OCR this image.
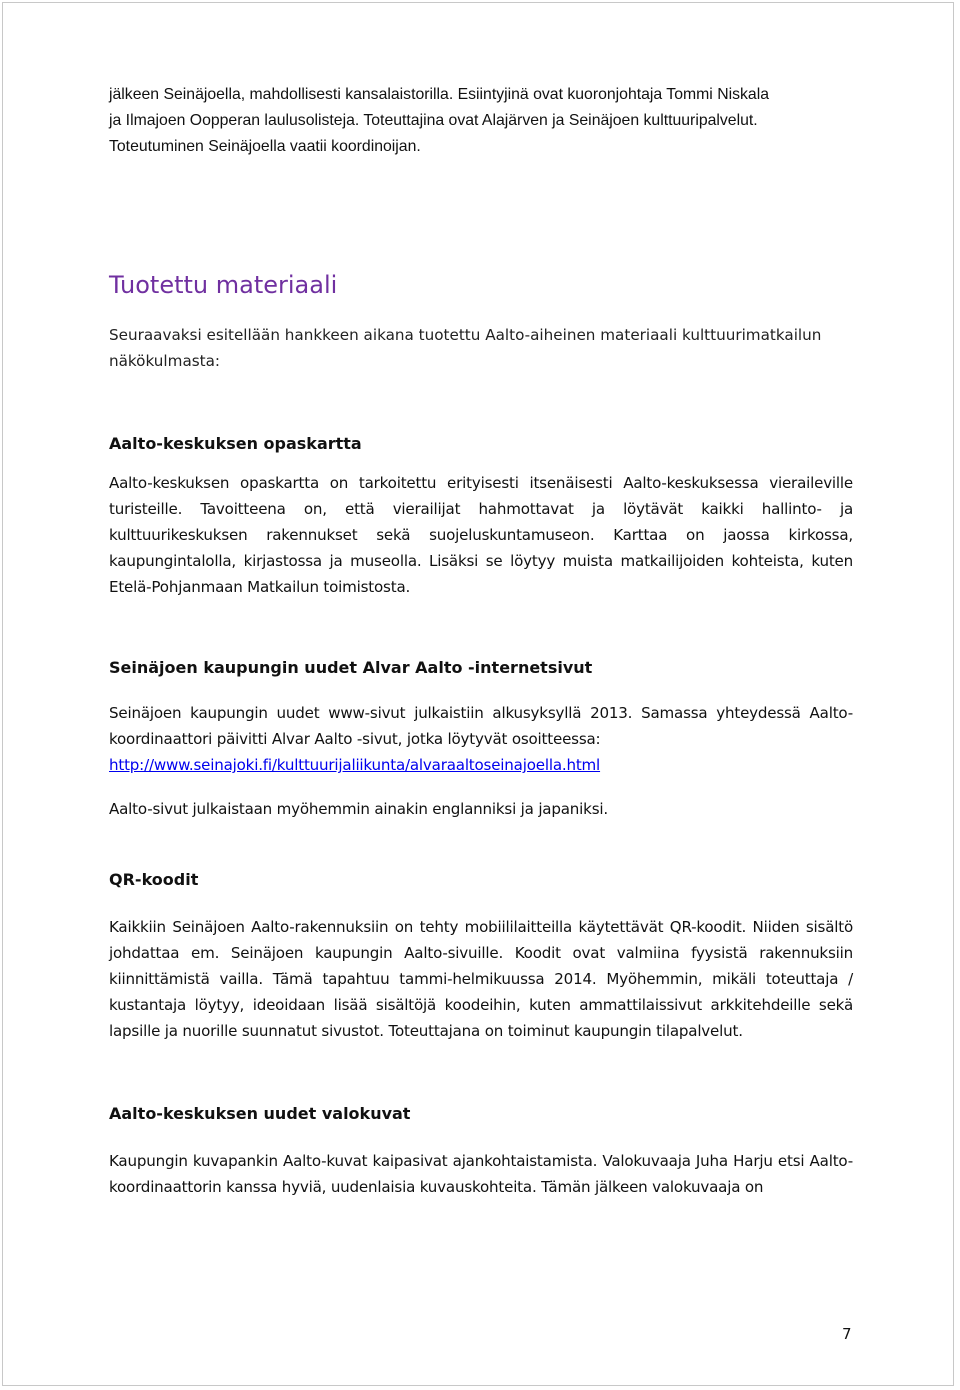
jälkeen Seinäjoella, mahdollisesti kansalaistorilla. Esiintyjinä ovat kuoronjohtaja Tommi Niskala
ja Ilmajoen Oopperan laulusolisteja. Toteuttajina ovat Alajärven ja Seinäjoen kulttuuripalvelut.
Toteutuminen Seinäjoella vaatii koordinoijan.

Tuotettu materiaali

Seuraavaksi esitellään hankkeen aikana tuotettu Aalto-aiheinen materiaali kulttuurimatkailun näkökulmasta:

Aalto-keskuksen opaskartta

Aalto-keskuksen opaskartta on tarkoitettu erityisesti itsenäisesti Aalto-keskuksessa vieraileville turisteille. Tavoitteena on, että vierailijat hahmottavat ja löytävät kaikki hallinto- ja kulttuurikeskuksen rakennukset sekä suojeluskuntamuseon. Karttaa on jaossa kirkossa, kaupungintalolla, kirjastossa ja museolla. Lisäksi se löytyy muista matkailijoiden kohteista, kuten Etelä-Pohjanmaan Matkailun toimistosta.

Seinäjoen kaupungin uudet Alvar Aalto -internetsivut

Seinäjoen kaupungin uudet www-sivut julkaistiin alkusyksyllä 2013. Samassa yhteydessä Aalto-koordinaattori päivitti Alvar Aalto -sivut, jotka löytyvät osoitteessa:
http://www.seinajoki.fi/kulttuurijaliikunta/alvaraaltoseinajoella.html

Aalto-sivut julkaistaan myöhemmin ainakin englanniksi ja japaniksi.

QR-koodit

Kaikkiin Seinäjoen Aalto-rakennuksiin on tehty mobiililaitteilla käytettävät QR-koodit. Niiden sisältö johdattaa em. Seinäjoen kaupungin Aalto-sivuille. Koodit ovat valmiina fyysistä rakennuksiin kiinnittämistä vailla. Tämä tapahtuu tammi-helmikuussa 2014. Myöhemmin, mikäli toteuttaja / kustantaja löytyy, ideoidaan lisää sisältöjä koodeihin, kuten ammattilaissivut arkkitehdeille sekä lapsille ja nuorille suunnatut sivustot. Toteuttajana on toiminut kaupungin tilapalvelut.

Aalto-keskuksen uudet valokuvat

Kaupungin kuvapankin Aalto-kuvat kaipasivat ajankohtaistamista. Valokuvaaja Juha Harju etsi Aalto-koordinaattorin kanssa hyviä, uudenlaisia kuvauskohteita. Tämän jälkeen valokuvaaja on

7
